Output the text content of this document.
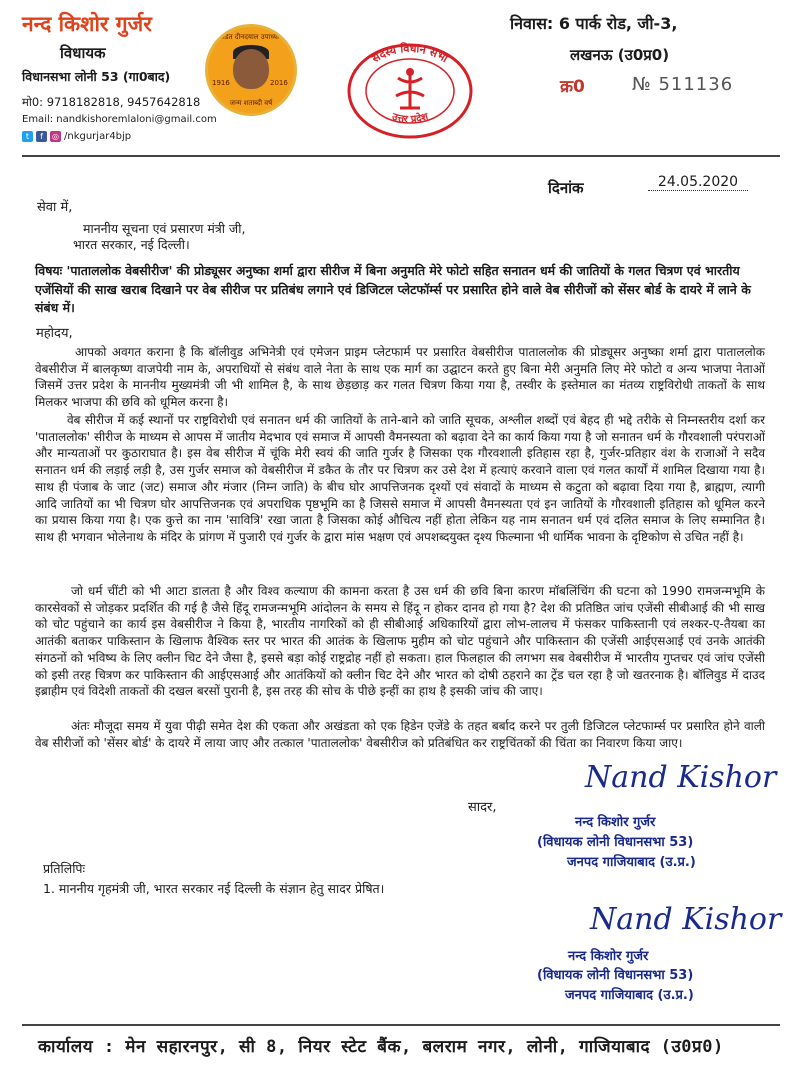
नन्द किशोर गुर्जर
विधायक
विधानसभा लोनी 53 (गा0बाद)
मो0: 9718182818, 9457642818
Email: nandkishoremlaloni@gmail.com
t	f	◎ /nkgurjar4bjp
पंडित दीनदयाल उपाध्याय
1916	2016
जन्म शताब्दी वर्ष
सदस्य विधान सभा
उत्तर प्रदेश
निवास: 6 पार्क रोड, जी-3,
लखनऊ (उ0प्र0)
क्र0	№ 511136
दिनांक	24.05.2020
सेवा में,
माननीय सूचना एवं प्रसारण मंत्री जी,
भारत सरकार, नई दिल्ली।
विषयः 'पाताललोक वेबसीरीज' की प्रोड्यूसर अनुष्का शर्मा द्वारा सीरीज में बिना अनुमति मेरे फोटो सहित सनातन धर्म की जातियों के गलत चित्रण एवं भारतीय एजेंसियों की साख खराब दिखाने पर वेब सीरीज पर प्रतिबंध लगाने एवं डिजिटल प्लेटफॉर्म्स पर प्रसारित होने वाले वेब सीरीजों को सेंसर बोर्ड के दायरे में लाने के संबंध में।
महोदय,
आपको अवगत कराना है कि बॉलीवुड अभिनेत्री एवं एमेजन प्राइम प्लेटफार्म पर प्रसारित वेबसीरीज पाताललोक की प्रोड्यूसर अनुष्का शर्मा द्वारा पाताललोक वेबसीरीज में बालकृष्ण वाजपेयी नाम के, अपराधियों से संबंध वाले नेता के साथ एक मार्ग का उद्घाटन करते हुए बिना मेरी अनुमति लिए मेरे फोटो व अन्य भाजपा नेताओं जिसमें उत्तर प्रदेश के माननीय मुख्यमंत्री जी भी शामिल है, के साथ छेड़छाड़ कर गलत चित्रण किया गया है, तस्वीर के इस्तेमाल का मंतव्य राष्ट्रविरोधी ताकतों के साथ मिलकर भाजपा की छवि को धूमिल करना है।
वेब सीरीज में कई स्थानों पर राष्ट्रविरोधी एवं सनातन धर्म की जातियों के ताने-बाने को जाति सूचक, अश्लील शब्दों एवं बेहद ही भद्दे तरीके से निम्नस्तरीय दर्शा कर 'पाताललोक' सीरीज के माध्यम से आपस में जातीय मेदभाव एवं समाज में आपसी वैमनस्यता को बढ़ावा देने का कार्य किया गया है जो सनातन धर्म के गौरवशाली परंपराओं और मान्यताओं पर कुठाराघात है। इस वेब सीरीज में चूंकि मेरी स्वयं की जाति गुर्जर है जिसका एक गौरवशाली इतिहास रहा है, गुर्जर-प्रतिहार वंश के राजाओं ने सदैव सनातन धर्म की लड़ाई लड़ी है, उस गुर्जर समाज को वेबसीरीज में डकैत के तौर पर चित्रण कर उसे देश में हत्याएं करवाने वाला एवं गलत कार्यों में शामिल दिखाया गया है। साथ ही पंजाब के जाट (जट) समाज और मंजार (निम्न जाति) के बीच घोर आपत्तिजनक दृश्यों एवं संवादों के माध्यम से कटुता को बढ़ावा दिया गया है, ब्राह्मण, त्यागी आदि जातियों का भी चित्रण घोर आपत्तिजनक एवं अपराधिक पृष्ठभूमि का है जिससे समाज में आपसी वैमनस्यता एवं इन जातियों के गौरवशाली इतिहास को धूमिल करने का प्रयास किया गया है। एक कुत्ते का नाम 'सावित्रि' रखा जाता है जिसका कोई औचित्य नहीं होता लेकिन यह नाम सनातन धर्म एवं दलित समाज के लिए सम्मानित है। साथ ही भगवान भोलेनाथ के मंदिर के प्रांगण में पुजारी एवं गुर्जर के द्वारा मांस भक्षण एवं अपशब्दयुक्त दृश्य फिल्माना भी धार्मिक भावना के दृष्टिकोण से उचित नहीं है।
जो धर्म चींटी को भी आटा डालता है और विश्व कल्याण की कामना करता है उस धर्म की छवि बिना कारण मॉबलिंचिंग की घटना को 1990 रामजन्मभूमि के कारसेवकों से जोड़कर प्रदर्शित की गई है जैसे हिंदू रामजन्मभूमि आंदोलन के समय से हिंदू न होकर दानव हो गया है? देश की प्रतिष्ठित जांच एजेंसी सीबीआई की भी साख को चोट पहुंचाने का कार्य इस वेबसीरीज ने किया है, भारतीय नागरिकों को ही सीबीआई अधिकारियों द्वारा लोभ-लालच में फंसकर पाकिस्तानी एवं लश्कर-ए-तैयबा का आतंकी बताकर पाकिस्तान के खिलाफ वैश्विक स्तर पर भारत की आतंक के खिलाफ मुहीम को चोट पहुंचाने और पाकिस्तान की एजेंसी आईएसआई एवं उनके आतंकी संगठनों को भविष्य के लिए क्लीन चिट देने जैसा है, इससे बड़ा कोई राष्ट्रद्रोह नहीं हो सकता। हाल फिलहाल की लगभग सब वेबसीरीज में भारतीय गुप्तचर एवं जांच एजेंसी को इसी तरह चित्रण कर पाकिस्तान की आईएसआई और आतंकियों को क्लीन चिट देने और भारत को दोषी ठहराने का ट्रेंड चल रहा है जो खतरनाक है। बॉलिवुड में दाउद इब्राहीम एवं विदेशी ताकतों की दखल बरसों पुरानी है, इस तरह की सोच के पीछे इन्हीं का हाथ है इसकी जांच की जाए।
अंतः मौजूदा समय में युवा पीढ़ी समेत देश की एकता और अखंडता को एक हिडेन एजेंडे के तहत बर्बाद करने पर तुली डिजिटल प्लेटफार्म्स पर प्रसारित होने वाली वेब सीरीजों को 'सेंसर बोर्ड' के दायरे में लाया जाए और तत्काल 'पाताललोक' वेबसीरीज को प्रतिबंधित कर राष्ट्रचिंतकों की चिंता का निवारण किया जाए।
सादर,
Nand Kishor
नन्द किशोर गुर्जर
(विधायक लोनी विधानसभा 53)
जनपद गाजियाबाद (उ.प्र.)
प्रतिलिपिः
1. माननीय गृहमंत्री जी, भारत सरकार नई दिल्ली के संज्ञान हेतु सादर प्रेषित।
Nand Kishor
नन्द किशोर गुर्जर
(विधायक लोनी विधानसभा 53)
जनपद गाजियाबाद (उ.प्र.)
कार्यालय : मेन सहारनपुर, सी 8, नियर स्टेट बैंक, बलराम नगर, लोनी, गाजियाबाद (उ0प्र0)
